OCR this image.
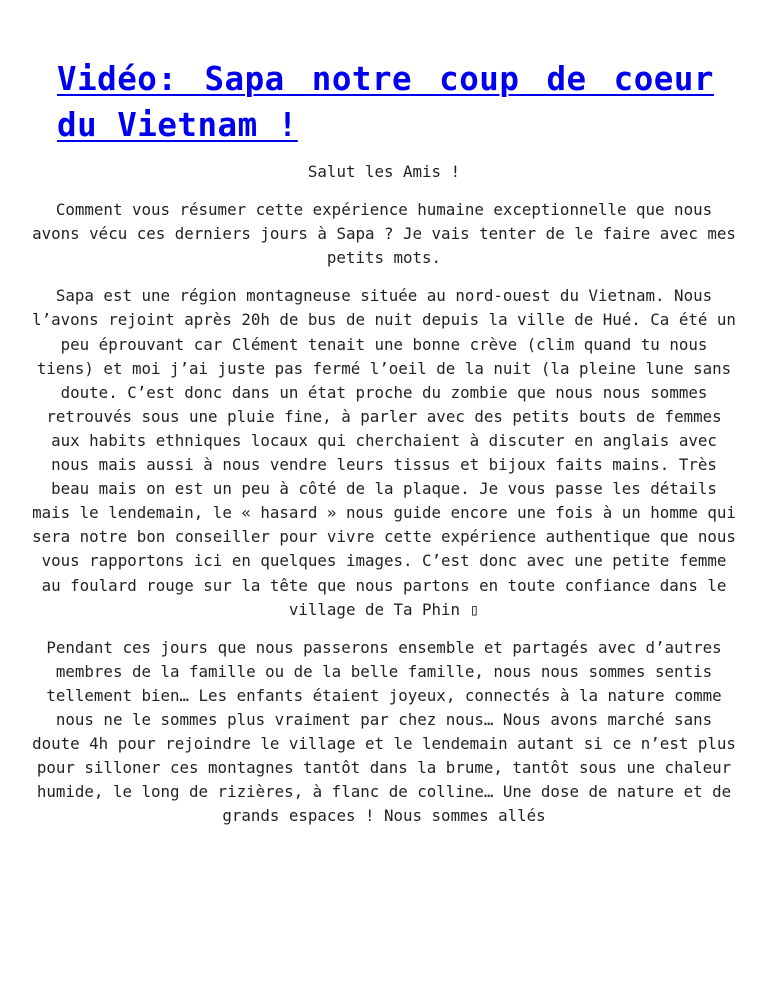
Vidéo: Sapa notre coup de coeur du Vietnam !

Salut les Amis !

Comment vous résumer cette expérience humaine exceptionnelle que nous avons vécu ces derniers jours à Sapa ? Je vais tenter de le faire avec mes petits mots.

Sapa est une région montagneuse située au nord-ouest du Vietnam. Nous l’avons rejoint après 20h de bus de nuit depuis la ville de Hué. Ca été un peu éprouvant car Clément tenait une bonne crève (clim quand tu nous tiens) et moi j’ai juste pas fermé l’oeil de la nuit (la pleine lune sans doute. C’est donc dans un état proche du zombie que nous nous sommes retrouvés sous une pluie fine, à parler avec des petits bouts de femmes aux habits ethniques locaux qui cherchaient à discuter en anglais avec nous mais aussi à nous vendre leurs tissus et bijoux faits mains. Très beau mais on est un peu à côté de la plaque. Je vous passe les détails mais le lendemain, le « hasard » nous guide encore une fois à un homme qui sera notre bon conseiller pour vivre cette expérience authentique que nous vous rapportons ici en quelques images. C’est donc avec une petite femme au foulard rouge sur la tête que nous partons en toute confiance dans le village de Ta Phin ▯

Pendant ces jours que nous passerons ensemble et partagés avec d’autres membres de la famille ou de la belle famille, nous nous sommes sentis tellement bien… Les enfants étaient joyeux, connectés à la nature comme nous ne le sommes plus vraiment par chez nous… Nous avons marché sans doute 4h pour rejoindre le village et le lendemain autant si ce n’est plus pour silloner ces montagnes tantôt dans la brume, tantôt sous une chaleur humide, le long de rizières, à flanc de colline… Une dose de nature et de grands espaces ! Nous sommes allés
